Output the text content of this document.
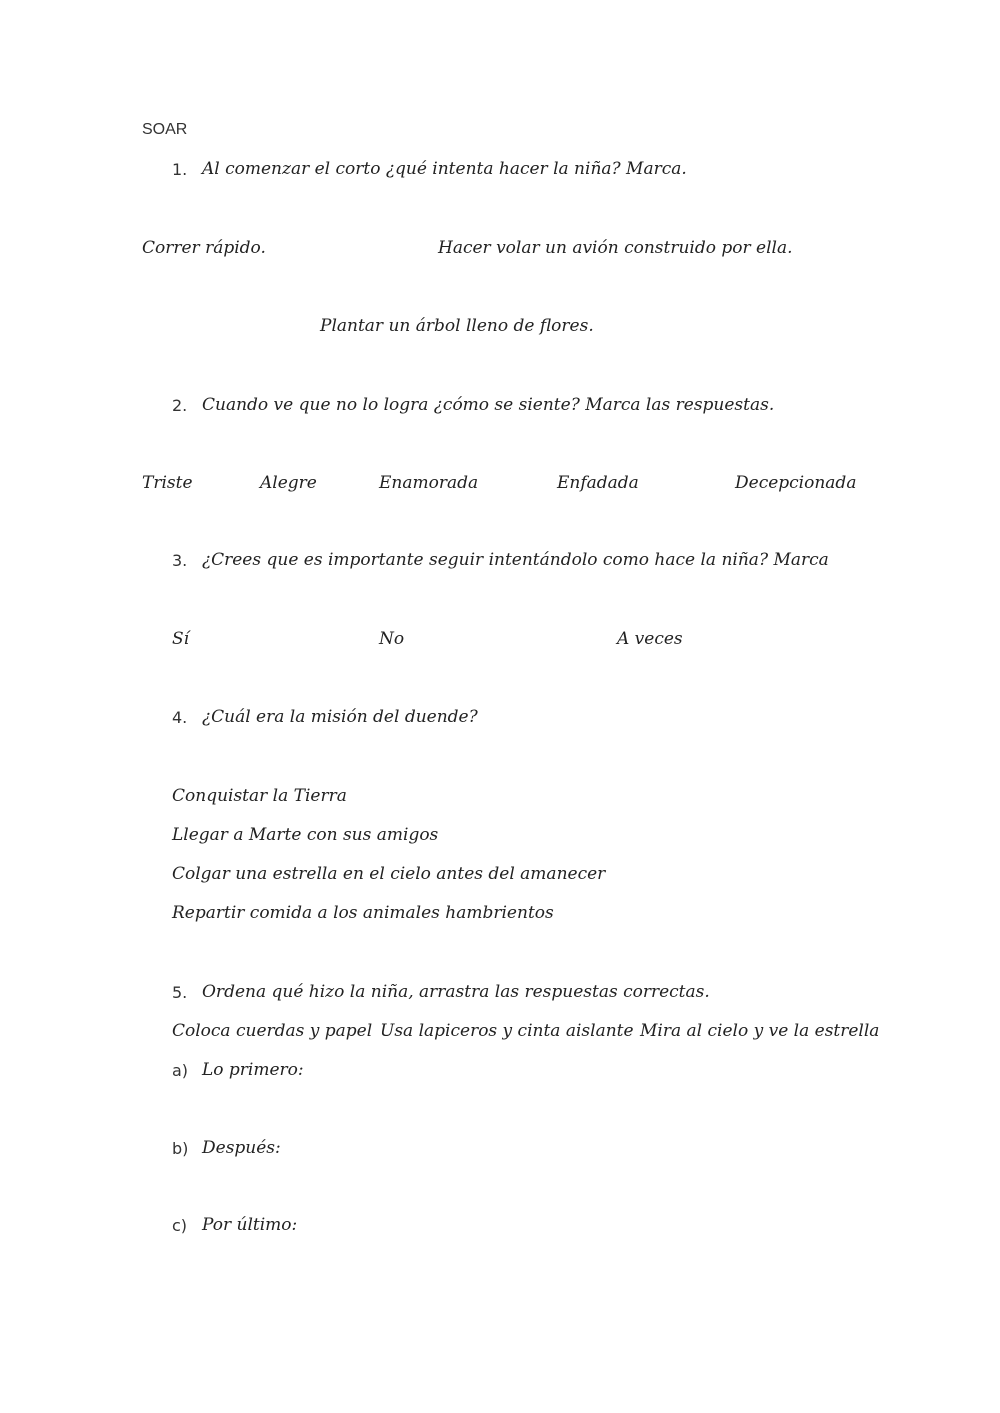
SOAR
1. Al comenzar el corto ¿qué intenta hacer la niña? Marca.
Correr rápido.	Hacer volar un avión construido por ella.
Plantar un árbol lleno de flores.
2. Cuando ve que no lo logra ¿cómo se siente? Marca las respuestas.
Triste	Alegre	Enamorada	Enfadada	Decepcionada
3. ¿Crees que es importante seguir intentándolo como hace la niña? Marca
Sí	No	A veces
4. ¿Cuál era la misión del duende?
Conquistar la Tierra
Llegar a Marte con sus amigos
Colgar una estrella en el cielo antes del amanecer
Repartir comida a los animales hambrientos
5. Ordena qué hizo la niña, arrastra las respuestas correctas.
Coloca cuerdas y papel Usa lapiceros y cinta aislante Mira al cielo y ve la estrella
a) Lo primero:
b) Después:
c) Por último:
